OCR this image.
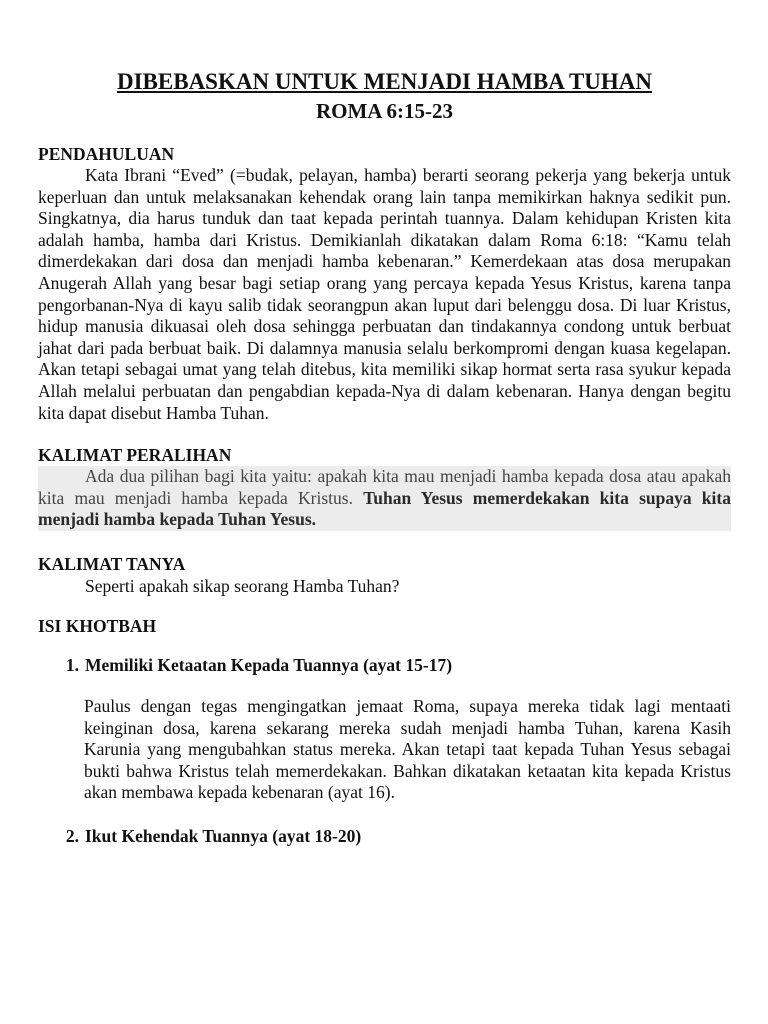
DIBEBASKAN UNTUK MENJADI HAMBA TUHAN
ROMA 6:15-23
PENDAHULUAN

Kata Ibrani “Eved” (=budak, pelayan, hamba) berarti seorang pekerja yang bekerja untuk keperluan dan untuk melaksanakan kehendak orang lain tanpa memikirkan haknya sedikit pun. Singkatnya, dia harus tunduk dan taat kepada perintah tuannya. Dalam kehidupan Kristen kita adalah hamba, hamba dari Kristus. Demikianlah dikatakan dalam Roma 6:18: “Kamu telah dimerdekakan dari dosa dan menjadi hamba kebenaran.” Kemerdekaan atas dosa merupakan Anugerah Allah yang besar bagi setiap orang yang percaya kepada Yesus Kristus, karena tanpa pengorbanan-Nya di kayu salib tidak seorangpun akan luput dari belenggu dosa. Di luar Kristus, hidup manusia dikuasai oleh dosa sehingga perbuatan dan tindakannya condong untuk berbuat jahat dari pada berbuat baik. Di dalamnya manusia selalu berkompromi dengan kuasa kegelapan. Akan tetapi sebagai umat yang telah ditebus, kita memiliki sikap hormat serta rasa syukur kepada Allah melalui perbuatan dan pengabdian kepada-Nya di dalam kebenaran. Hanya dengan begitu kita dapat disebut Hamba Tuhan.

KALIMAT PERALIHAN

Ada dua pilihan bagi kita yaitu: apakah kita mau menjadi hamba kepada dosa atau apakah kita mau menjadi hamba kepada Kristus. Tuhan Yesus memerdekakan kita supaya kita menjadi hamba kepada Tuhan Yesus.

KALIMAT TANYA

Seperti apakah sikap seorang Hamba Tuhan?

ISI KHOTBAH
1. Memiliki Ketaatan Kepada Tuannya (ayat 15-17)

Paulus dengan tegas mengingatkan jemaat Roma, supaya mereka tidak lagi mentaati keinginan dosa, karena sekarang mereka sudah menjadi hamba Tuhan, karena Kasih Karunia yang mengubahkan status mereka. Akan tetapi taat kepada Tuhan Yesus sebagai bukti bahwa Kristus telah memerdekakan. Bahkan dikatakan ketaatan kita kepada Kristus akan membawa kepada kebenaran (ayat 16).

2. Ikut Kehendak Tuannya (ayat 18-20)
